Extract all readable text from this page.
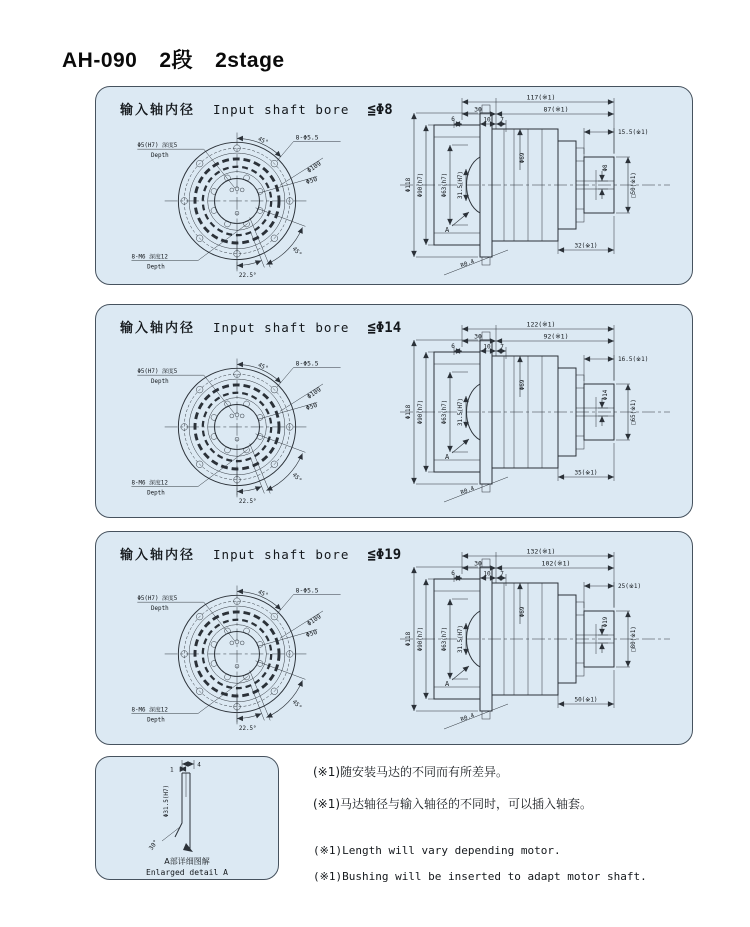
AH-090 2段 2stage
输入轴内径 Input shaft bore ≦Φ8
Φ5(H7) 深度5
Depth
45°	8-Φ5.5
Φ109
Φ50
8-M6 深度12
Depth
22.5°
45°
117(※1)
30	87(※1)
6	10 7
15.5(※1)
Φ118 Φ90(h7)	Φ63(h7) 31.5(H7)
Φ69
Φ8
□50(※1)
32(※1)
A
R0.4
输入轴内径 Input shaft bore ≦Φ14
Φ5(H7) 深度5
Depth
45°	8-Φ5.5
Φ109
Φ50
8-M6 深度12
Depth
22.5°
45°
122(※1)
30	92(※1)
6	10 7
16.5(※1)
Φ118 Φ90(h7)	Φ63(h7) 31.5(H7)
Φ69
Φ14
□65(※1)
35(※1)
A
R0.4
输入轴内径 Input shaft bore ≦Φ19
Φ5(H7) 深度5
Depth
45°	8-Φ5.5
Φ109
Φ50
8-M6 深度12
Depth
22.5°
45°
132(※1)
30	102(※1)
6	10 7
25(※1)
Φ118 Φ90(h7)	Φ63(h7) 31.5(H7)
Φ69
Φ19
□80(※1)
50(※1)
A
R0.4
4
1
Φ31.5(H7)
30°
A部详细图解
Enlarged detail A
(※1)随安装马达的不同而有所差异。
(※1)马达轴径与输入轴径的不同时，可以插入轴套。
(※1)Length will vary depending motor.
(※1)Bushing will be inserted to adapt motor shaft.
